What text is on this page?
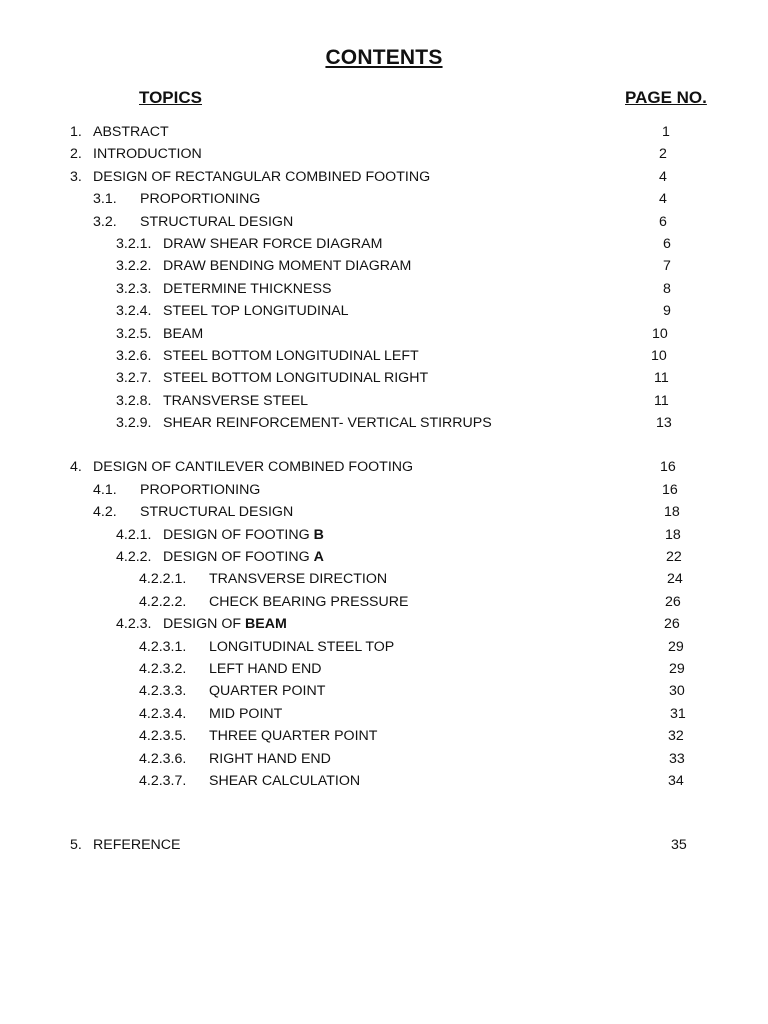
CONTENTS
TOPICS	PAGE NO.
1. ABSTRACT	1
2. INTRODUCTION	2
3. DESIGN OF RECTANGULAR COMBINED FOOTING	4
3.1. PROPORTIONING	4
3.2. STRUCTURAL DESIGN	6
3.2.1. DRAW SHEAR FORCE DIAGRAM	6
3.2.2. DRAW BENDING MOMENT DIAGRAM	7
3.2.3. DETERMINE THICKNESS	8
3.2.4. STEEL TOP LONGITUDINAL	9
3.2.5. BEAM	10
3.2.6. STEEL BOTTOM LONGITUDINAL LEFT	10
3.2.7. STEEL BOTTOM LONGITUDINAL RIGHT	11
3.2.8. TRANSVERSE STEEL	11
3.2.9. SHEAR REINFORCEMENT- VERTICAL STIRRUPS	13
4. DESIGN OF CANTILEVER COMBINED FOOTING	16
4.1. PROPORTIONING	16
4.2. STRUCTURAL DESIGN	18
4.2.1. DESIGN OF FOOTING B	18
4.2.2. DESIGN OF FOOTING A	22
4.2.2.1. TRANSVERSE DIRECTION	24
4.2.2.2. CHECK BEARING PRESSURE	26
4.2.3. DESIGN OF BEAM	26
4.2.3.1. LONGITUDINAL STEEL TOP	29
4.2.3.2. LEFT HAND END	29
4.2.3.3. QUARTER POINT	30
4.2.3.4. MID POINT	31
4.2.3.5. THREE QUARTER POINT	32
4.2.3.6. RIGHT HAND END	33
4.2.3.7. SHEAR CALCULATION	34
5. REFERENCE	35
